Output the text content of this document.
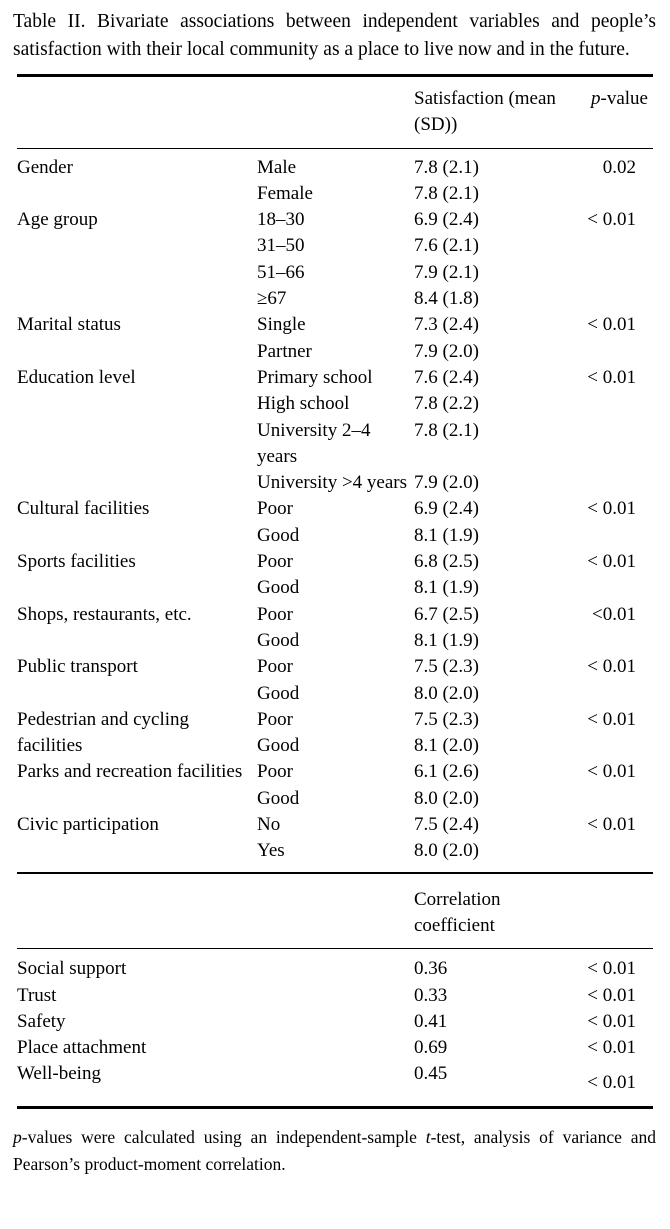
Table II. Bivariate associations between independent variables and people’s satisfaction with their local community as a place to live now and in the future.

		Satisfaction (mean (SD))	p-value
Gender	Male	7.8 (2.1)	0.02
	Female	7.8 (2.1)	
Age group	18–30	6.9 (2.4)	< 0.01
	31–50	7.6 (2.1)	
	51–66	7.9 (2.1)	
	≥67	8.4 (1.8)	
Marital status	Single	7.3 (2.4)	< 0.01
	Partner	7.9 (2.0)	
Education level	Primary school	7.6 (2.4)	< 0.01
	High school	7.8 (2.2)	
	University 2–4 years	7.8 (2.1)	
	University >4 years	7.9 (2.0)	
Cultural facilities	Poor	6.9 (2.4)	< 0.01
	Good	8.1 (1.9)	
Sports facilities	Poor	6.8 (2.5)	< 0.01
	Good	8.1 (1.9)	
Shops, restaurants, etc.	Poor	6.7 (2.5)	<0.01
	Good	8.1 (1.9)	
Public transport	Poor	7.5 (2.3)	< 0.01
	Good	8.0 (2.0)	
Pedestrian and cycling facilities	Poor	7.5 (2.3)	< 0.01
	Good	8.1 (2.0)	
Parks and recreation facilities	Poor	6.1 (2.6)	< 0.01
	Good	8.0 (2.0)	
Civic participation	No	7.5 (2.4)	< 0.01
	Yes	8.0 (2.0)	
	Correlation coefficient	
Social support	0.36	< 0.01
Trust	0.33	< 0.01
Safety	0.41	< 0.01
Place attachment	0.69	< 0.01
Well-being	0.45	< 0.01

p-values were calculated using an independent-sample t-test, analysis of variance and Pearson’s product-moment correlation.
